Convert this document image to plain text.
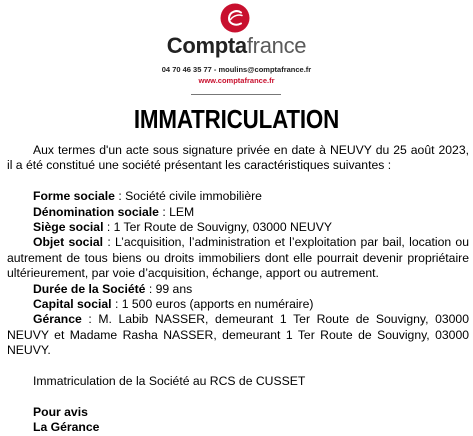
Comptafrance
04 70 46 35 77 - moulins@comptafrance.fr
www.comptafrance.fr
IMMATRICULATION

Aux termes d'un acte sous signature privée en date à NEUVY du 25 août 2023, il a été constitué une société présentant les caractéristiques suivantes :

Forme sociale : Société civile immobilière

Dénomination sociale : LEM

Siège social : 1 Ter Route de Souvigny, 03000 NEUVY

Objet social : L’acquisition, l’administration et l’exploitation par bail, location ou autrement de tous biens ou droits immobiliers dont elle pourrait devenir propriétaire ultérieurement, par voie d’acquisition, échange, apport ou autrement.

Durée de la Société : 99 ans

Capital social : 1 500 euros (apports en numéraire)

Gérance : M. Labib NASSER, demeurant 1 Ter Route de Souvigny, 03000 NEUVY et Madame Rasha NASSER, demeurant 1 Ter Route de Souvigny, 03000 NEUVY.

Immatriculation de la Société au RCS de CUSSET

Pour avis

La Gérance
